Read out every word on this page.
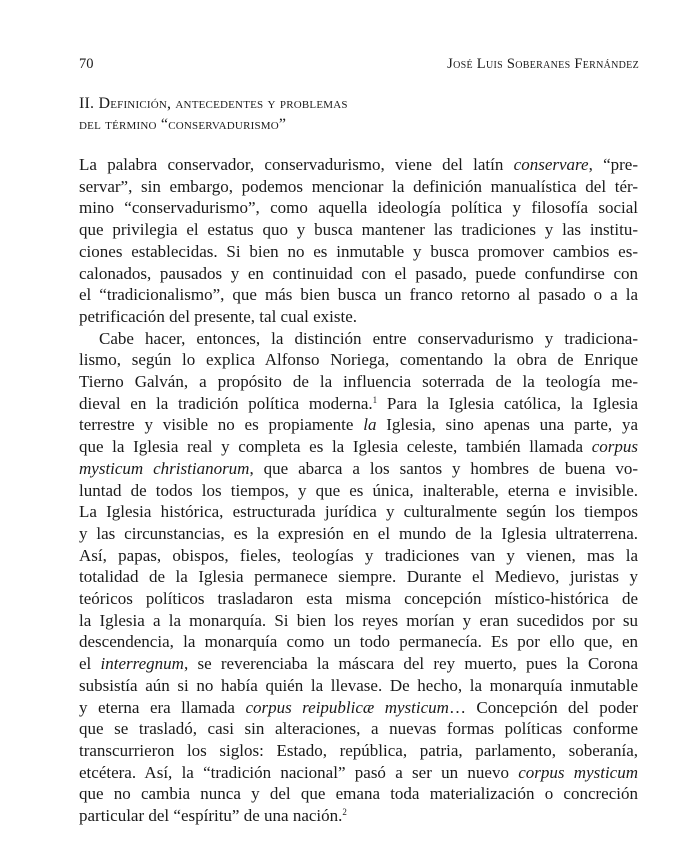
70	José Luis Soberanes Fernández
II. Definición, antecedentes y problemas
del término “conservadurismo”
La palabra conservador, conservadurismo, viene del latín conservare, “pre-
servar”, sin embargo, podemos mencionar la definición manualística del tér-
mino “conservadurismo”, como aquella ideología política y filosofía social
que privilegia el estatus quo y busca mantener las tradiciones y las institu-
ciones establecidas. Si bien no es inmutable y busca promover cambios es-
calonados, pausados y en continuidad con el pasado, puede confundirse con
el “tradicionalismo”, que más bien busca un franco retorno al pasado o a la
petrificación del presente, tal cual existe.
Cabe hacer, entonces, la distinción entre conservadurismo y tradiciona-
lismo, según lo explica Alfonso Noriega, comentando la obra de Enrique
Tierno Galván, a propósito de la influencia soterrada de la teología me-
dieval en la tradición política moderna.$^1$ Para la Iglesia católica, la Iglesia
terrestre y visible no es propiamente la Iglesia, sino apenas una parte, ya
que la Iglesia real y completa es la Iglesia celeste, también llamada corpus
mysticum christianorum, que abarca a los santos y hombres de buena vo-
luntad de todos los tiempos, y que es única, inalterable, eterna e invisible.
La Iglesia histórica, estructurada jurídica y culturalmente según los tiempos
y las circunstancias, es la expresión en el mundo de la Iglesia ultraterrena.
Así, papas, obispos, fieles, teologías y tradiciones van y vienen, mas la
totalidad de la Iglesia permanece siempre. Durante el Medievo, juristas y
teóricos políticos trasladaron esta misma concepción místico-histórica de
la Iglesia a la monarquía. Si bien los reyes morían y eran sucedidos por su
descendencia, la monarquía como un todo permanecía. Es por ello que, en
el interregnum, se reverenciaba la máscara del rey muerto, pues la Corona
subsistía aún si no había quién la llevase. De hecho, la monarquía inmutable
y eterna era llamada corpus reipublicæ mysticum… Concepción del poder
que se trasladó, casi sin alteraciones, a nuevas formas políticas conforme
transcurrieron los siglos: Estado, república, patria, parlamento, soberanía,
etcétera. Así, la “tradición nacional” pasó a ser un nuevo corpus mysticum
que no cambia nunca y del que emana toda materialización o concreción
particular del “espíritu” de una nación.$^2$
